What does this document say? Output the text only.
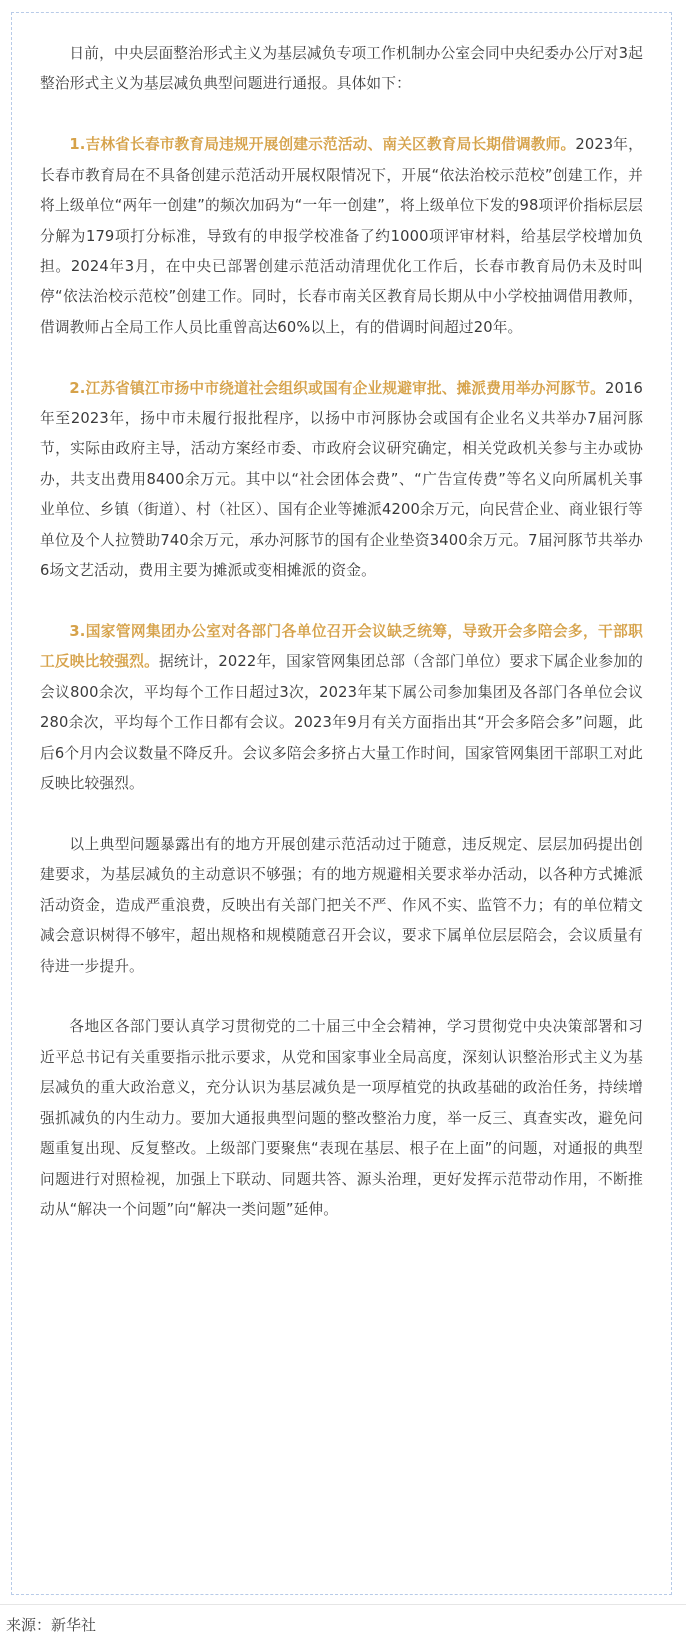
日前，中央层面整治形式主义为基层减负专项工作机制办公室会同中央纪委办公厅对3起整治形式主义为基层减负典型问题进行通报。具体如下：

1.吉林省长春市教育局违规开展创建示范活动、南关区教育局长期借调教师。2023年，长春市教育局在不具备创建示范活动开展权限情况下，开展“依法治校示范校”创建工作，并将上级单位“两年一创建”的频次加码为“一年一创建”，将上级单位下发的98项评价指标层层分解为179项打分标准，导致有的申报学校准备了约1000项评审材料，给基层学校增加负担。2024年3月，在中央已部署创建示范活动清理优化工作后，长春市教育局仍未及时叫停“依法治校示范校”创建工作。同时，长春市南关区教育局长期从中小学校抽调借用教师，借调教师占全局工作人员比重曾高达60%以上，有的借调时间超过20年。

2.江苏省镇江市扬中市绕道社会组织或国有企业规避审批、摊派费用举办河豚节。2016年至2023年，扬中市未履行报批程序，以扬中市河豚协会或国有企业名义共举办7届河豚节，实际由政府主导，活动方案经市委、市政府会议研究确定，相关党政机关参与主办或协办，共支出费用8400余万元。其中以“社会团体会费”、“广告宣传费”等名义向所属机关事业单位、乡镇（街道）、村（社区）、国有企业等摊派4200余万元，向民营企业、商业银行等单位及个人拉赞助740余万元，承办河豚节的国有企业垫资3400余万元。7届河豚节共举办6场文艺活动，费用主要为摊派或变相摊派的资金。

3.国家管网集团办公室对各部门各单位召开会议缺乏统筹，导致开会多陪会多，干部职工反映比较强烈。据统计，2022年，国家管网集团总部（含部门单位）要求下属企业参加的会议800余次，平均每个工作日超过3次，2023年某下属公司参加集团及各部门各单位会议280余次，平均每个工作日都有会议。2023年9月有关方面指出其“开会多陪会多”问题，此后6个月内会议数量不降反升。会议多陪会多挤占大量工作时间，国家管网集团干部职工对此反映比较强烈。

以上典型问题暴露出有的地方开展创建示范活动过于随意，违反规定、层层加码提出创建要求，为基层减负的主动意识不够强；有的地方规避相关要求举办活动，以各种方式摊派活动资金，造成严重浪费，反映出有关部门把关不严、作风不实、监管不力；有的单位精文减会意识树得不够牢，超出规格和规模随意召开会议，要求下属单位层层陪会，会议质量有待进一步提升。

各地区各部门要认真学习贯彻党的二十届三中全会精神，学习贯彻党中央决策部署和习近平总书记有关重要指示批示要求，从党和国家事业全局高度，深刻认识整治形式主义为基层减负的重大政治意义，充分认识为基层减负是一项厚植党的执政基础的政治任务，持续增强抓减负的内生动力。要加大通报典型问题的整改整治力度，举一反三、真查实改，避免问题重复出现、反复整改。上级部门要聚焦“表现在基层、根子在上面”的问题，对通报的典型问题进行对照检视，加强上下联动、同题共答、源头治理，更好发挥示范带动作用，不断推动从“解决一个问题”向“解决一类问题”延伸。

来源：新华社
